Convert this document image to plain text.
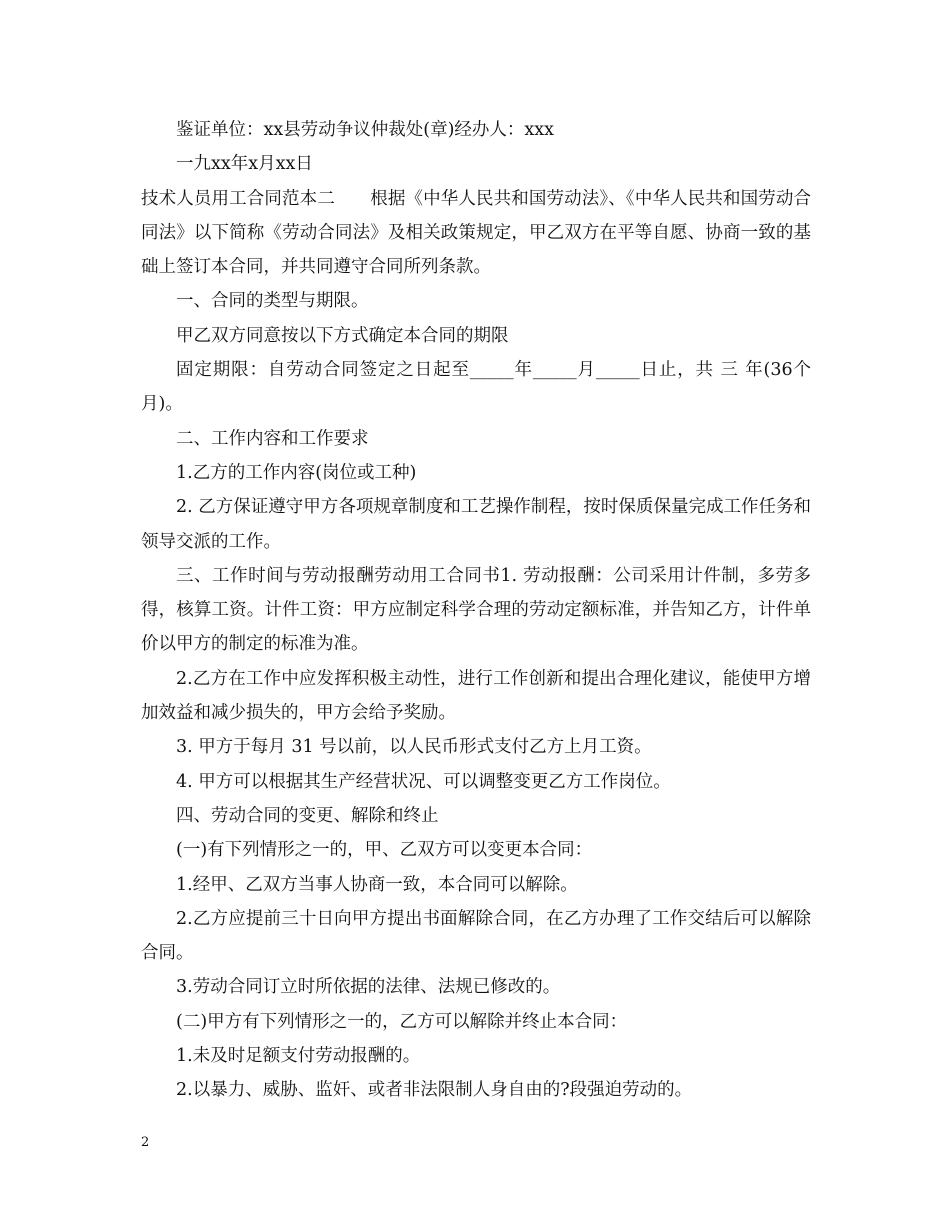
鉴证单位：xx县劳动争议仲裁处(章)经办人：xxx

一九xx年x月xx日

技术人员用工合同范本二　　根据《中华人民共和国劳动法》、《中华人民共和国劳动合同法》以下简称《劳动合同法》及相关政策规定，甲乙双方在平等自愿、协商一致的基础上签订本合同，并共同遵守合同所列条款。

一、合同的类型与期限。

甲乙双方同意按以下方式确定本合同的期限

固定期限：自劳动合同签定之日起至_____年_____月_____日止，共 三 年(36个月)。

二、工作内容和工作要求

1.乙方的工作内容(岗位或工种)

2. 乙方保证遵守甲方各项规章制度和工艺操作制程，按时保质保量完成工作任务和领导交派的工作。

三、工作时间与劳动报酬劳动用工合同书1. 劳动报酬：公司采用计件制，多劳多得，核算工资。计件工资：甲方应制定科学合理的劳动定额标准，并告知乙方，计件单价以甲方的制定的标准为准。

2.乙方在工作中应发挥积极主动性，进行工作创新和提出合理化建议，能使甲方增加效益和减少损失的，甲方会给予奖励。

3. 甲方于每月 31 号以前，以人民币形式支付乙方上月工资。

4. 甲方可以根据其生产经营状况、可以调整变更乙方工作岗位。

四、劳动合同的变更、解除和终止

(一)有下列情形之一的，甲、乙双方可以变更本合同：

1.经甲、乙双方当事人协商一致，本合同可以解除。

2.乙方应提前三十日向甲方提出书面解除合同，在乙方办理了工作交结后可以解除合同。

3.劳动合同订立时所依据的法律、法规已修改的。

(二)甲方有下列情形之一的，乙方可以解除并终止本合同：

1.未及时足额支付劳动报酬的。

2.以暴力、威胁、监奸、或者非法限制人身自由的?段强迫劳动的。

2
